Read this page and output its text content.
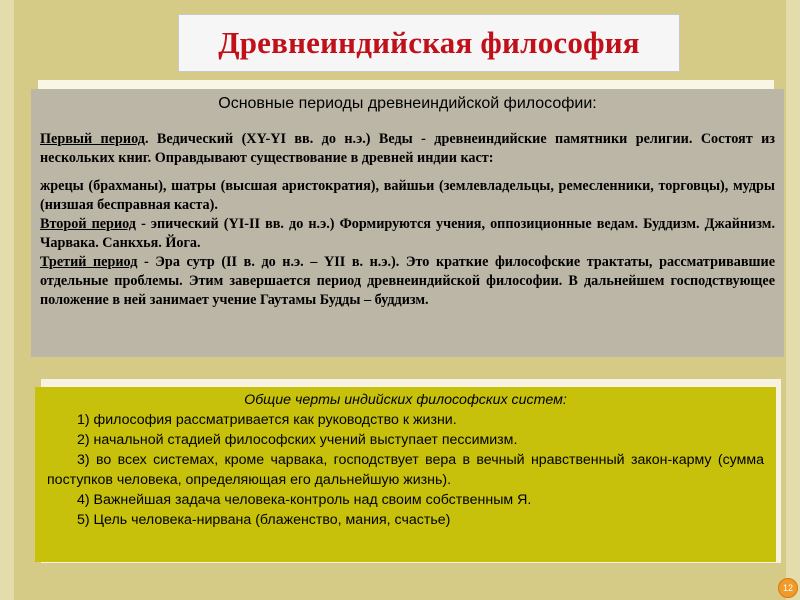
Древнеиндийская философия
Основные периоды древнеиндийской философии:

Первый период. Ведический (XY-YI вв. до н.э.) Веды - древнеиндийские памятники религии. Состоят из нескольких книг. Оправдывают существование в древней индии каст:

жрецы (брахманы), шатры (высшая аристократия), вайшьи (землевладельцы, ремесленники, торговцы), мудры (низшая бесправная каста).

Второй период - эпический (YI-II вв. до н.э.) Формируются учения, оппозиционные ведам. Буддизм. Джайнизм. Чарвака. Санкхья. Йога.

Третий период - Эра сутр (II в. до н.э. – YII в. н.э.). Это краткие философские трактаты, рассматривавшие отдельные проблемы. Этим завершается период древнеиндийской философии. В дальнейшем господствующее положение в ней занимает учение Гаутамы Будды – буддизм.

Общие черты индийских философских систем:

1) философия рассматривается как руководство к жизни.

2) начальной стадией философских учений выступает пессимизм.

3) во всех системах, кроме чарвака, господствует вера в вечный нравственный закон-карму (сумма поступков человека, определяющая его дальнейшую жизнь).

4) Важнейшая задача человека-контроль над своим собственным Я.

5) Цель человека-нирвана (блаженство, мания, счастье)

12
